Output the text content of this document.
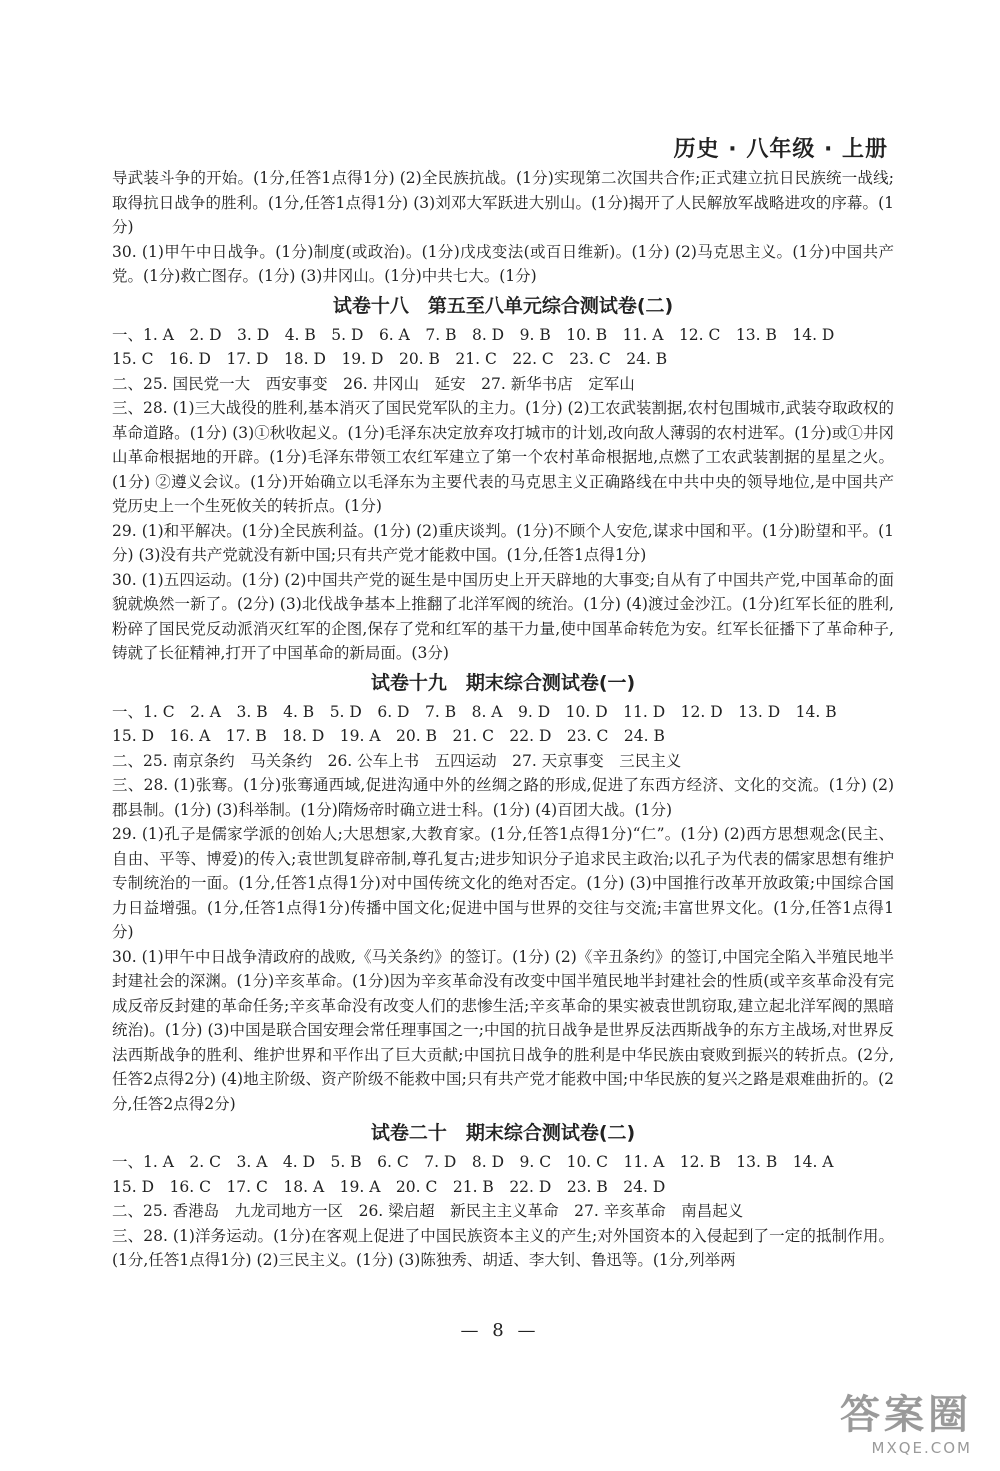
历史 · 八年级 · 上册
导武装斗争的开始。(1分,任答1点得1分) (2)全民族抗战。(1分)实现第二次国共合作;正式建立抗日民族统一战线;取得抗日战争的胜利。(1分,任答1点得1分) (3)刘邓大军跃进大别山。(1分)揭开了人民解放军战略进攻的序幕。(1分)
30. (1)甲午中日战争。(1分)制度(或政治)。(1分)戊戌变法(或百日维新)。(1分) (2)马克思主义。(1分)中国共产党。(1分)救亡图存。(1分) (3)井冈山。(1分)中共七大。(1分)
试卷十八　第五至八单元综合测试卷(二)
一、1. A　2. D　3. D　4. B　5. D　6. A　7. B　8. D　9. B　10. B　11. A　12. C　13. B　14. D
15. C　16. D　17. D　18. D　19. D　20. B　21. C　22. C　23. C　24. B
二、25. 国民党一大　西安事变　26. 井冈山　延安　27. 新华书店　定军山
三、28. (1)三大战役的胜利,基本消灭了国民党军队的主力。(1分) (2)工农武装割据,农村包围城市,武装夺取政权的革命道路。(1分) (3)①秋收起义。(1分)毛泽东决定放弃攻打城市的计划,改向敌人薄弱的农村进军。(1分)或①井冈山革命根据地的开辟。(1分)毛泽东带领工农红军建立了第一个农村革命根据地,点燃了工农武装割据的星星之火。(1分) ②遵义会议。(1分)开始确立以毛泽东为主要代表的马克思主义正确路线在中共中央的领导地位,是中国共产党历史上一个生死攸关的转折点。(1分)
29. (1)和平解决。(1分)全民族利益。(1分) (2)重庆谈判。(1分)不顾个人安危,谋求中国和平。(1分)盼望和平。(1分) (3)没有共产党就没有新中国;只有共产党才能救中国。(1分,任答1点得1分)
30. (1)五四运动。(1分) (2)中国共产党的诞生是中国历史上开天辟地的大事变;自从有了中国共产党,中国革命的面貌就焕然一新了。(2分) (3)北伐战争基本上推翻了北洋军阀的统治。(1分) (4)渡过金沙江。(1分)红军长征的胜利,粉碎了国民党反动派消灭红军的企图,保存了党和红军的基干力量,使中国革命转危为安。红军长征播下了革命种子,铸就了长征精神,打开了中国革命的新局面。(3分)
试卷十九　期末综合测试卷(一)
一、1. C　2. A　3. B　4. B　5. D　6. D　7. B　8. A　9. D　10. D　11. D　12. D　13. D　14. B
15. D　16. A　17. B　18. D　19. A　20. B　21. C　22. D　23. C　24. B
二、25. 南京条约　马关条约　26. 公车上书　五四运动　27. 天京事变　三民主义
三、28. (1)张骞。(1分)张骞通西域,促进沟通中外的丝绸之路的形成,促进了东西方经济、文化的交流。(1分) (2)郡县制。(1分) (3)科举制。(1分)隋炀帝时确立进士科。(1分) (4)百团大战。(1分)
29. (1)孔子是儒家学派的创始人;大思想家,大教育家。(1分,任答1点得1分)“仁”。(1分) (2)西方思想观念(民主、自由、平等、博爱)的传入;袁世凯复辟帝制,尊孔复古;进步知识分子追求民主政治;以孔子为代表的儒家思想有维护专制统治的一面。(1分,任答1点得1分)对中国传统文化的绝对否定。(1分) (3)中国推行改革开放政策;中国综合国力日益增强。(1分,任答1点得1分)传播中国文化;促进中国与世界的交往与交流;丰富世界文化。(1分,任答1点得1分)
30. (1)甲午中日战争清政府的战败,《马关条约》的签订。(1分) (2)《辛丑条约》的签订,中国完全陷入半殖民地半封建社会的深渊。(1分)辛亥革命。(1分)因为辛亥革命没有改变中国半殖民地半封建社会的性质(或辛亥革命没有完成反帝反封建的革命任务;辛亥革命没有改变人们的悲惨生活;辛亥革命的果实被袁世凯窃取,建立起北洋军阀的黑暗统治)。(1分) (3)中国是联合国安理会常任理事国之一;中国的抗日战争是世界反法西斯战争的东方主战场,对世界反法西斯战争的胜利、维护世界和平作出了巨大贡献;中国抗日战争的胜利是中华民族由衰败到振兴的转折点。(2分,任答2点得2分) (4)地主阶级、资产阶级不能救中国;只有共产党才能救中国;中华民族的复兴之路是艰难曲折的。(2分,任答2点得2分)
试卷二十　期末综合测试卷(二)
一、1. A　2. C　3. A　4. D　5. B　6. C　7. D　8. D　9. C　10. C　11. A　12. B　13. B　14. A
15. D　16. C　17. C　18. A　19. A　20. C　21. B　22. D　23. B　24. D
二、25. 香港岛　九龙司地方一区　26. 梁启超　新民主主义革命　27. 辛亥革命　南昌起义
三、28. (1)洋务运动。(1分)在客观上促进了中国民族资本主义的产生;对外国资本的入侵起到了一定的抵制作用。(1分,任答1点得1分) (2)三民主义。(1分) (3)陈独秀、胡适、李大钊、鲁迅等。(1分,列举两
— 8 —
答案圈
MXQE.COM
